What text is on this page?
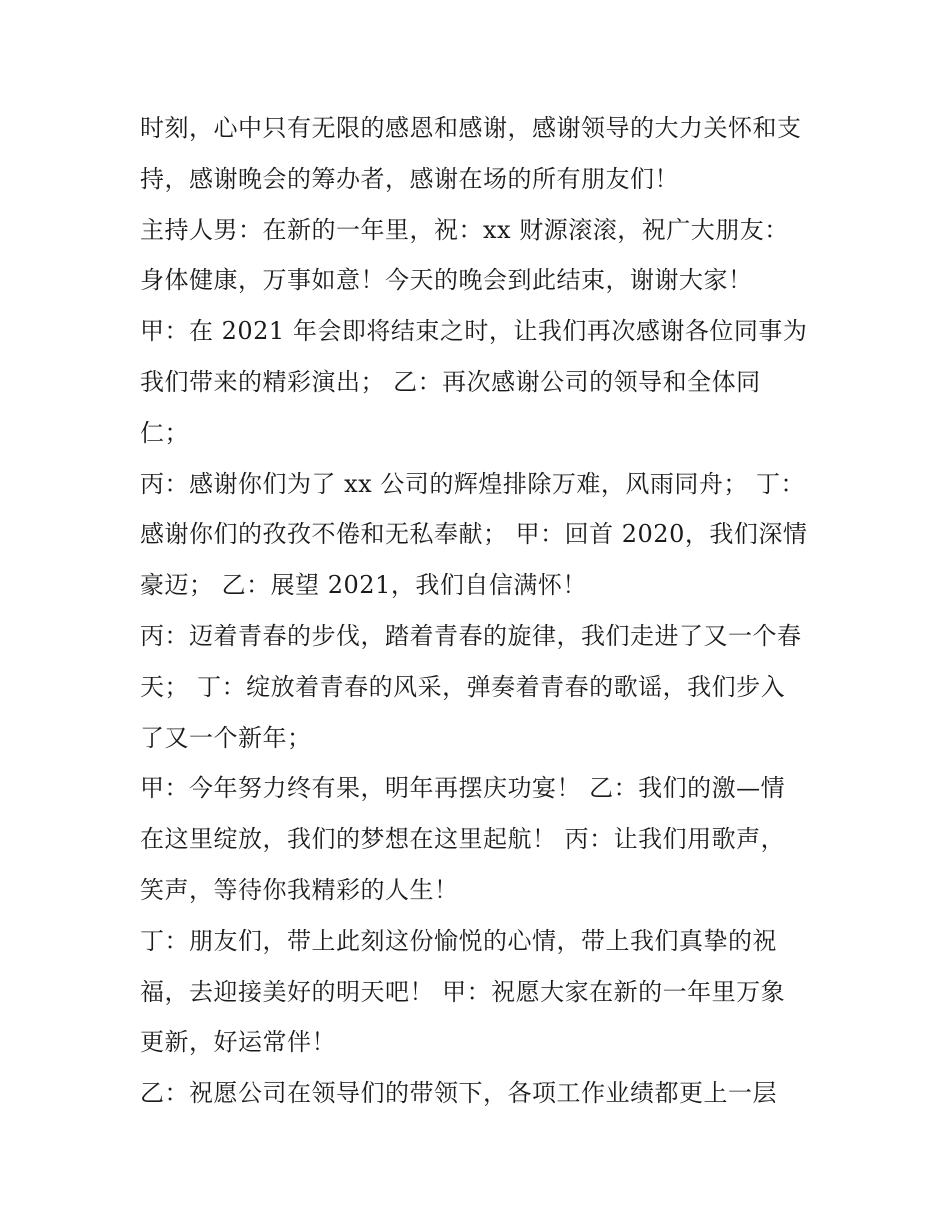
时刻，心中只有无限的感恩和感谢，感谢领导的大力关怀和支
持，感谢晚会的筹办者，感谢在场的所有朋友们！
主持人男：在新的一年里，祝：xx 财源滚滚，祝广大朋友：
身体健康，万事如意！今天的晚会到此结束，谢谢大家！
甲：在 2021 年会即将结束之时，让我们再次感谢各位同事为
我们带来的精彩演出； 乙：再次感谢公司的领导和全体同
仁；
丙：感谢你们为了 xx 公司的辉煌排除万难，风雨同舟； 丁：
感谢你们的孜孜不倦和无私奉献； 甲：回首 2020，我们深情
豪迈； 乙：展望 2021，我们自信满怀！
丙：迈着青春的步伐，踏着青春的旋律，我们走进了又一个春
天； 丁：绽放着青春的风采，弹奏着青春的歌谣，我们步入
了又一个新年；
甲：今年努力终有果，明年再摆庆功宴！ 乙：我们的激—情
在这里绽放，我们的梦想在这里起航！ 丙：让我们用歌声，
笑声，等待你我精彩的人生！
丁：朋友们，带上此刻这份愉悦的心情，带上我们真挚的祝
福，去迎接美好的明天吧！ 甲：祝愿大家在新的一年里万象
更新，好运常伴！
乙：祝愿公司在领导们的带领下，各项工作业绩都更上一层
